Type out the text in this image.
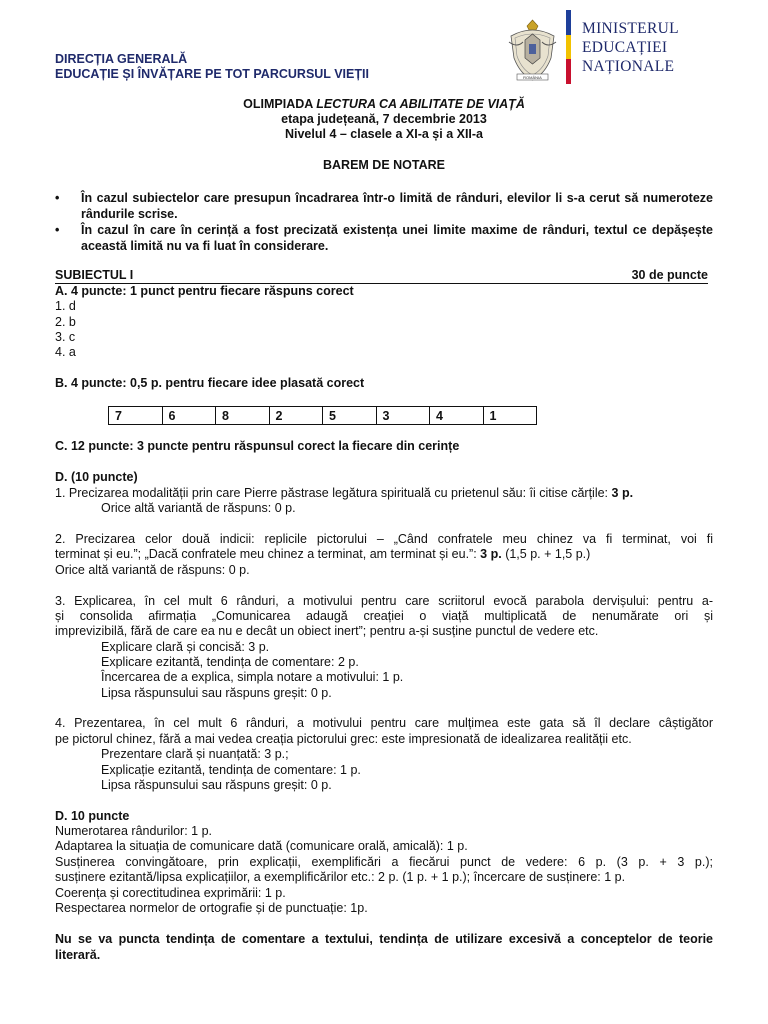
DIRECȚIA GENERALĂ
EDUCAȚIE ȘI ÎNVĂȚARE PE TOT PARCURSUL VIEȚII	ROMÂNIA
MINISTERUL
EDUCAȚIEI
NAȚIONALE
OLIMPIADA LECTURA CA ABILITATE DE VIAȚĂ
etapa județeană, 7 decembrie 2013
Nivelul 4 – clasele a XI-a și a XII-a
BAREM DE NOTARE
• În cazul subiectelor care presupun încadrarea într-o limită de rânduri, elevilor li s-a cerut să numeroteze rândurile scrise.
• În cazul în care în cerință a fost precizată existența unei limite maxime de rânduri, textul ce depășește această limită nu va fi luat în considerare.
SUBIECTUL I	30 de puncte
A. 4 puncte: 1 punct pentru fiecare răspuns corect
1. d
2. b
3. c
4. a
B. 4 puncte: 0,5 p. pentru fiecare idee plasată corect
7	6	8	2	5	3	4	1
C. 12 puncte: 3 puncte pentru răspunsul corect la fiecare din cerințe
D. (10 puncte)
1. Precizarea modalității prin care Pierre păstrase legătura spirituală cu prietenul său: îi citise cărțile: 3 p.
Orice altă variantă de răspuns: 0 p.
2. Precizarea celor două indicii: replicile pictorului – „Când confratele meu chinez va fi terminat, voi fi
terminat și eu.”; „Dacă confratele meu chinez a terminat, am terminat și eu.”: 3 p. (1,5 p. + 1,5 p.)
Orice altă variantă de răspuns: 0 p.
3. Explicarea, în cel mult 6 rânduri, a motivului pentru care scriitorul evocă parabola dervișului: pentru a-
și consolida afirmația „Comunicarea adaugă creației o viață multiplicată de nenumărate ori și
imprevizibilă, fără de care ea nu e decât un obiect inert”; pentru a-și susține punctul de vedere etc.
Explicare clară și concisă: 3 p.
Explicare ezitantă, tendința de comentare: 2 p.
Încercarea de a explica, simpla notare a motivului: 1 p.
Lipsa răspunsului sau răspuns greșit: 0 p.
4. Prezentarea, în cel mult 6 rânduri, a motivului pentru care mulțimea este gata să îl declare câștigător
pe pictorul chinez, fără a mai vedea creația pictorului grec: este impresionată de idealizarea realității etc.
Prezentare clară și nuanțată: 3 p.;
Explicație ezitantă, tendința de comentare: 1 p.
Lipsa răspunsului sau răspuns greșit: 0 p.
D. 10 puncte
Numerotarea rândurilor: 1 p.
Adaptarea la situația de comunicare dată (comunicare orală, amicală): 1 p.
Susținerea convingătoare, prin explicații, exemplificări a fiecărui punct de vedere: 6 p. (3 p. + 3 p.);
susținere ezitantă/lipsa explicațiilor, a exemplificărilor etc.: 2 p. (1 p. + 1 p.); încercare de susținere: 1 p.
Coerența și corectitudinea exprimării: 1 p.
Respectarea normelor de ortografie și de punctuație: 1p.
Nu se va puncta tendința de comentare a textului, tendința de utilizare excesivă a conceptelor de teorie literară.
